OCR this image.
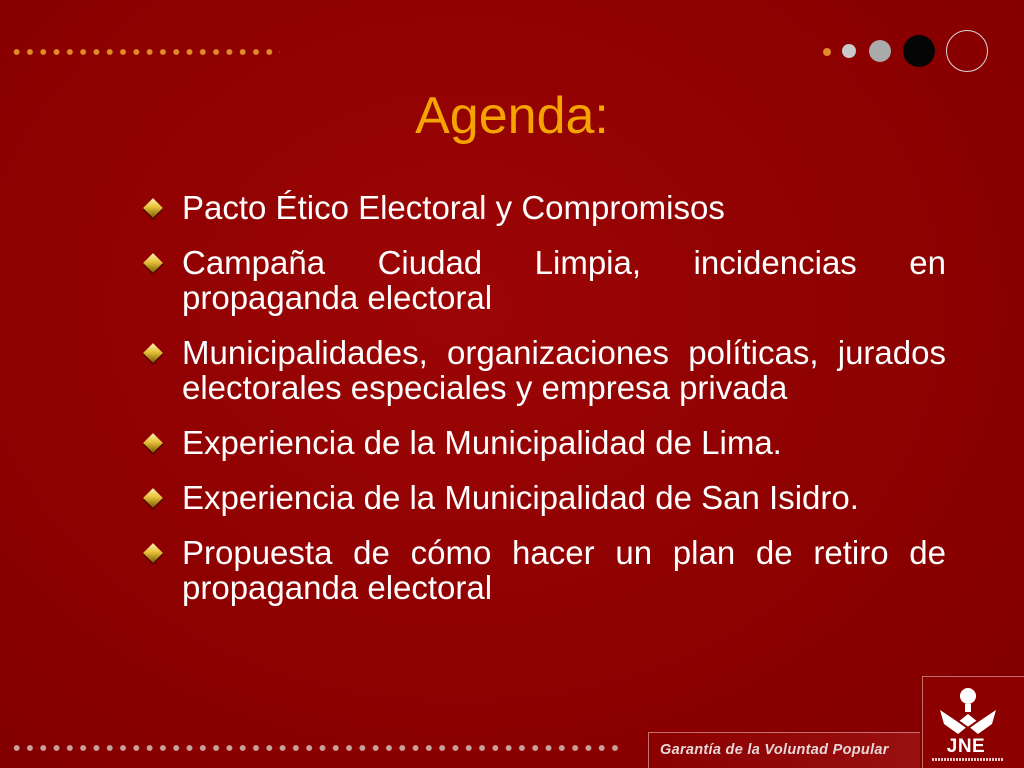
Agenda:
Pacto Ético Electoral y Compromisos
Campaña Ciudad Limpia, incidencias en propaganda electoral
Municipalidades, organizaciones políticas, jurados electorales especiales y empresa privada
Experiencia de la Municipalidad de Lima.
Experiencia de la Municipalidad de San Isidro.
Propuesta de cómo hacer un plan de retiro de propaganda electoral
Garantía de la Voluntad Popular	JNE
